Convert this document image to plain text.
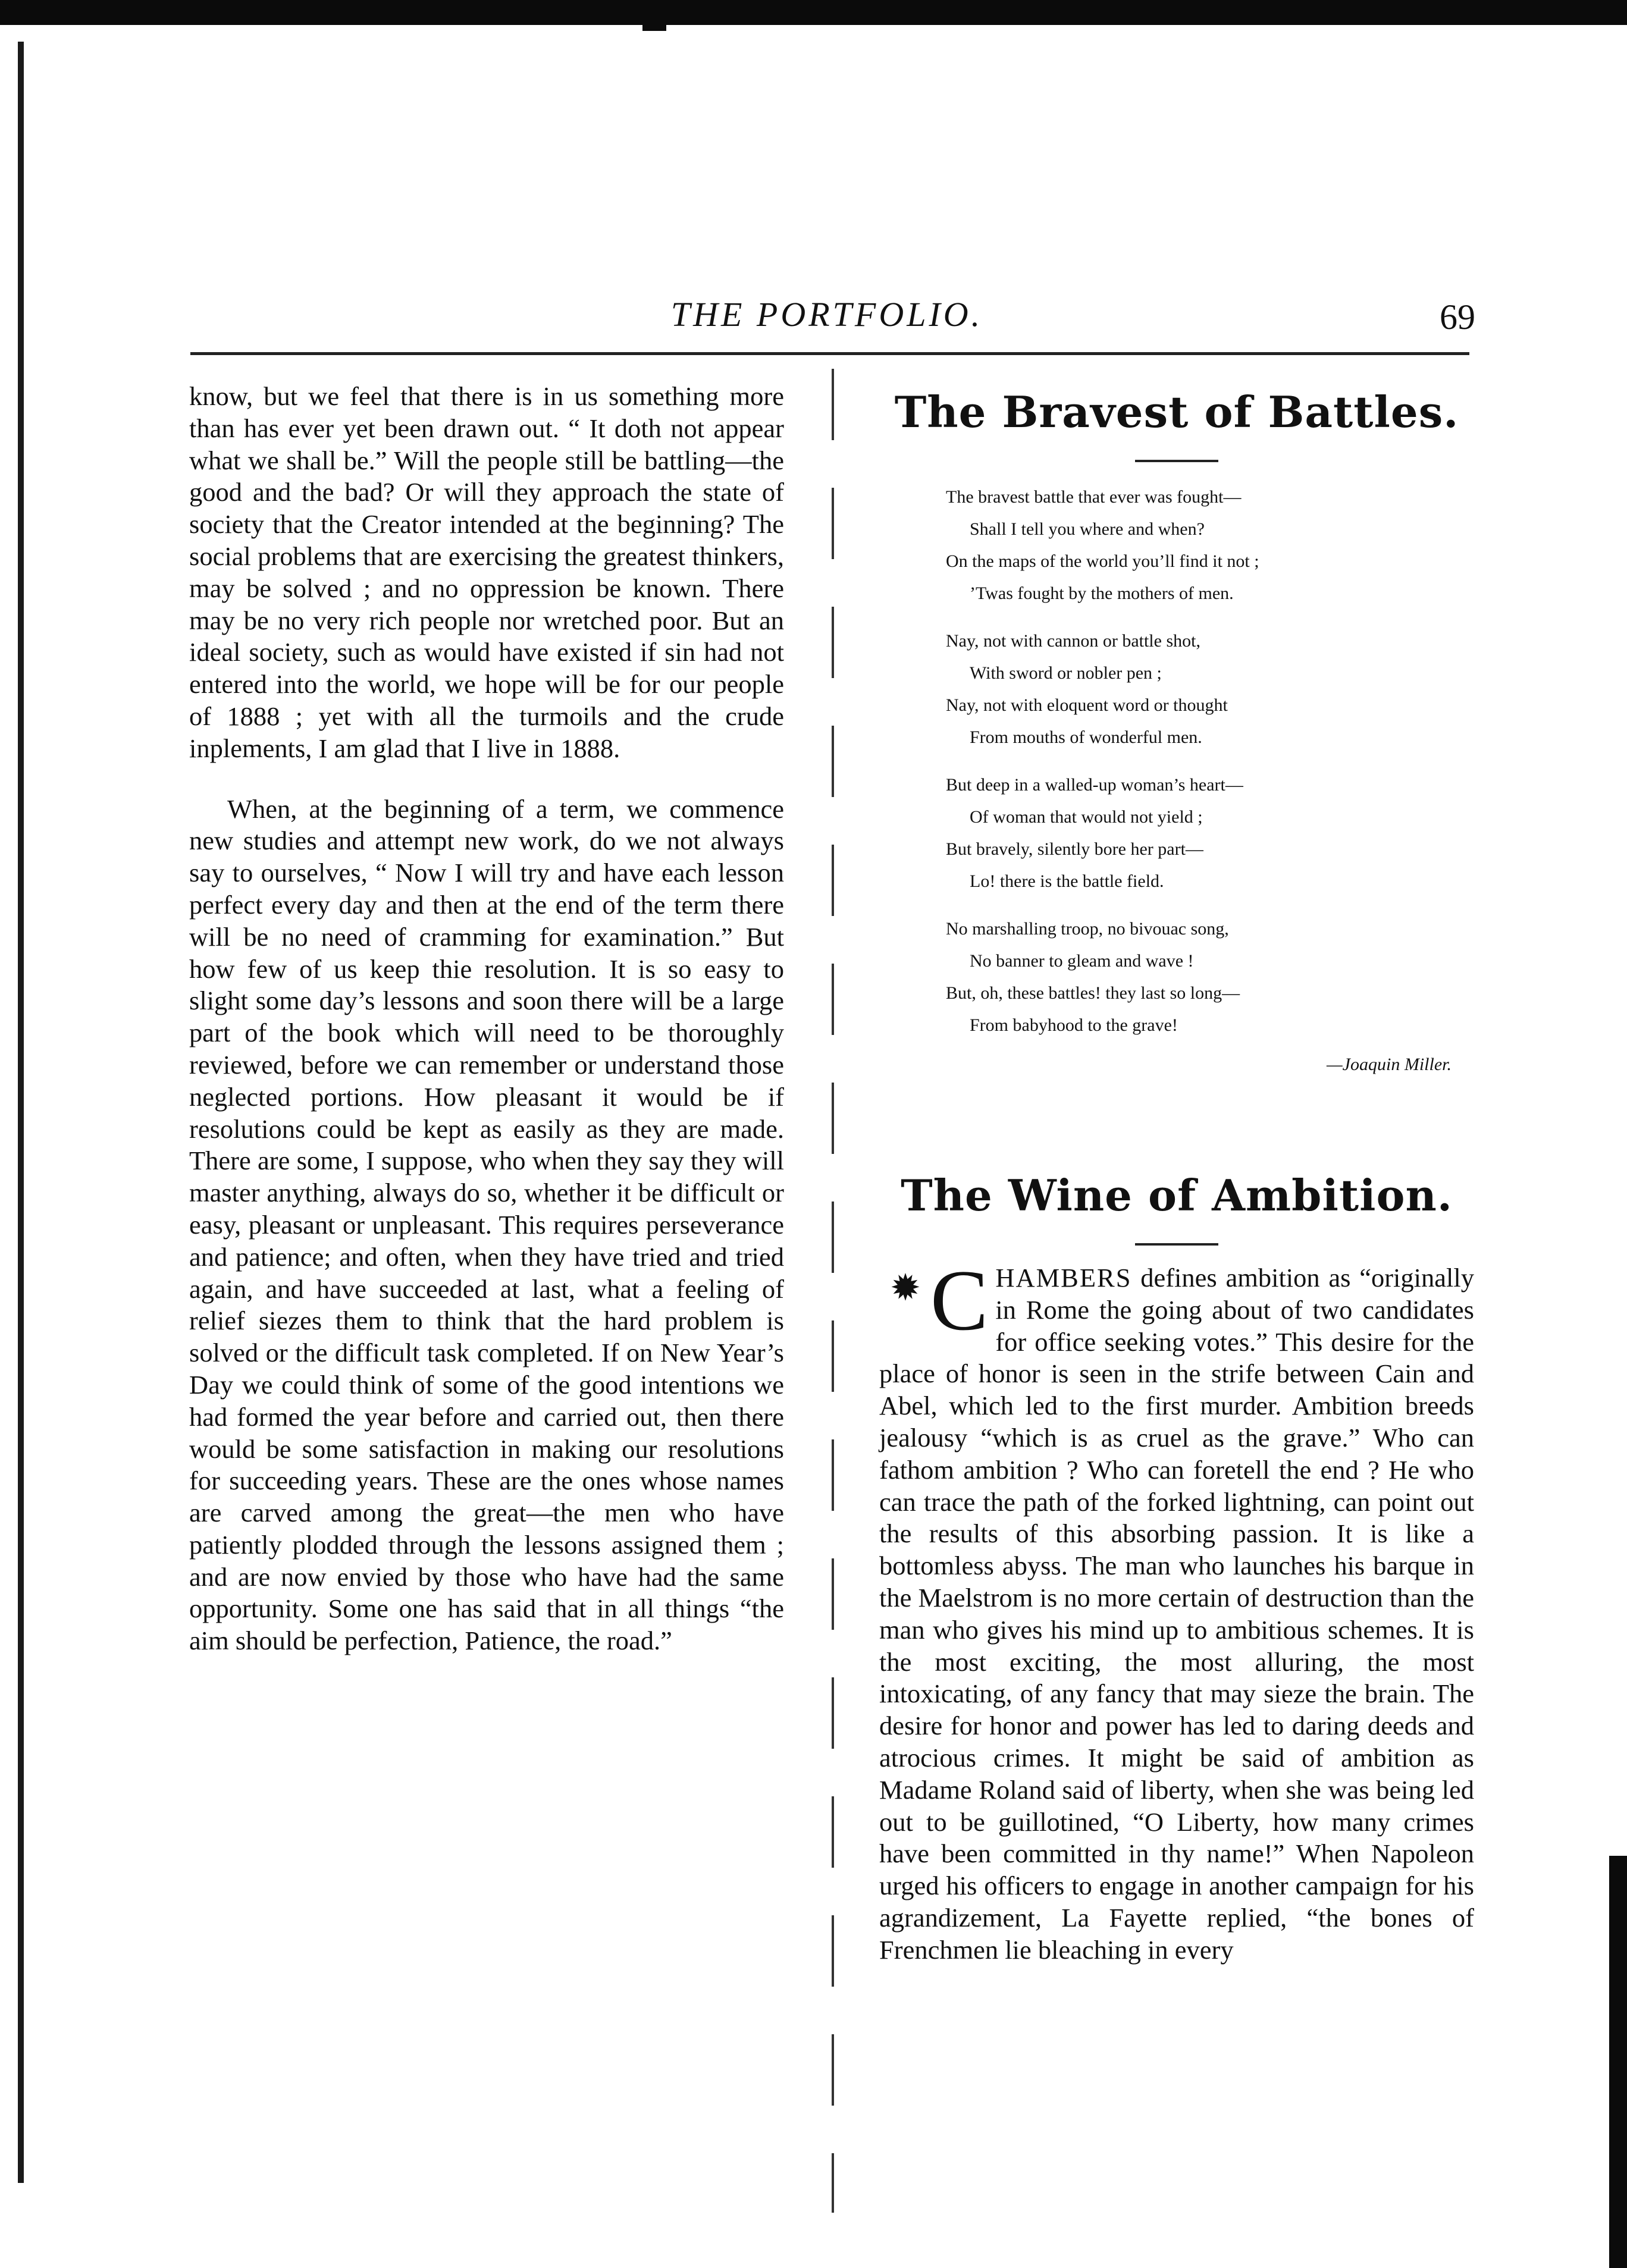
THE PORTFOLIO.	69

know, but we feel that there is in us something more than has ever yet been drawn out. “ It doth not appear what we shall be.” Will the people still be battling—the good and the bad? Or will they approach the state of society that the Creator intended at the beginning? The social problems that are exercising the greatest thinkers, may be solved ; and no oppression be known. There may be no very rich people nor wretched poor. But an ideal society, such as would have existed if sin had not entered into the world, we hope will be for our people of 1888 ; yet with all the turmoils and the crude inplements, I am glad that I live in 1888.

When, at the beginning of a term, we commence new studies and attempt new work, do we not always say to ourselves, “ Now I will try and have each lesson perfect every day and then at the end of the term there will be no need of cramming for examination.” But how few of us keep thie resolution. It is so easy to slight some day’s lessons and soon there will be a large part of the book which will need to be thoroughly reviewed, before we can remember or understand those neglected portions. How pleasant it would be if resolutions could be kept as easily as they are made. There are some, I suppose, who when they say they will master anything, always do so, whether it be difficult or easy, pleasant or unpleasant. This requires perseverance and patience; and often, when they have tried and tried again, and have succeeded at last, what a feeling of relief siezes them to think that the hard problem is solved or the difficult task completed. If on New Year’s Day we could think of some of the good intentions we had formed the year before and carried out, then there would be some satisfaction in making our resolutions for succeeding years. These are the ones whose names are carved among the great—the men who have patiently plodded through the lessons assigned them ; and are now envied by those who have had the same opportunity. Some one has said that in all things “the aim should be perfection, Patience, the road.”

The Bravest of Battles.
The bravest battle that ever was fought—
Shall I tell you where and when?
On the maps of the world you’ll find it not ;
’Twas fought by the mothers of men.
Nay, not with cannon or battle shot,
With sword or nobler pen ;
Nay, not with eloquent word or thought
From mouths of wonderful men.
But deep in a walled-up woman’s heart—
Of woman that would not yield ;
But bravely, silently bore her part—
Lo! there is the battle field.
No marshalling troop, no bivouac song,
No banner to gleam and wave !
But, oh, these battles! they last so long—
From babyhood to the grave!
—Joaquin Miller.
The Wine of Ambition.

✹ C HAMBERS defines ambition as “originally in Rome the going about of two candidates for office seeking votes.” This desire for the place of honor is seen in the strife between Cain and Abel, which led to the first murder. Ambition breeds jealousy “which is as cruel as the grave.” Who can fathom ambition ? Who can foretell the end ? He who can trace the path of the forked lightning, can point out the results of this absorbing passion. It is like a bottomless abyss. The man who launches his barque in the Maelstrom is no more certain of destruction than the man who gives his mind up to ambitious schemes. It is the most exciting, the most alluring, the most intoxicating, of any fancy that may sieze the brain. The desire for honor and power has led to daring deeds and atrocious crimes. It might be said of ambition as Madame Roland said of liberty, when she was being led out to be guillotined, “O Liberty, how many crimes have been committed in thy name!” When Napoleon urged his officers to engage in another campaign for his agrandizement, La Fayette replied, “the bones of Frenchmen lie bleaching in every
